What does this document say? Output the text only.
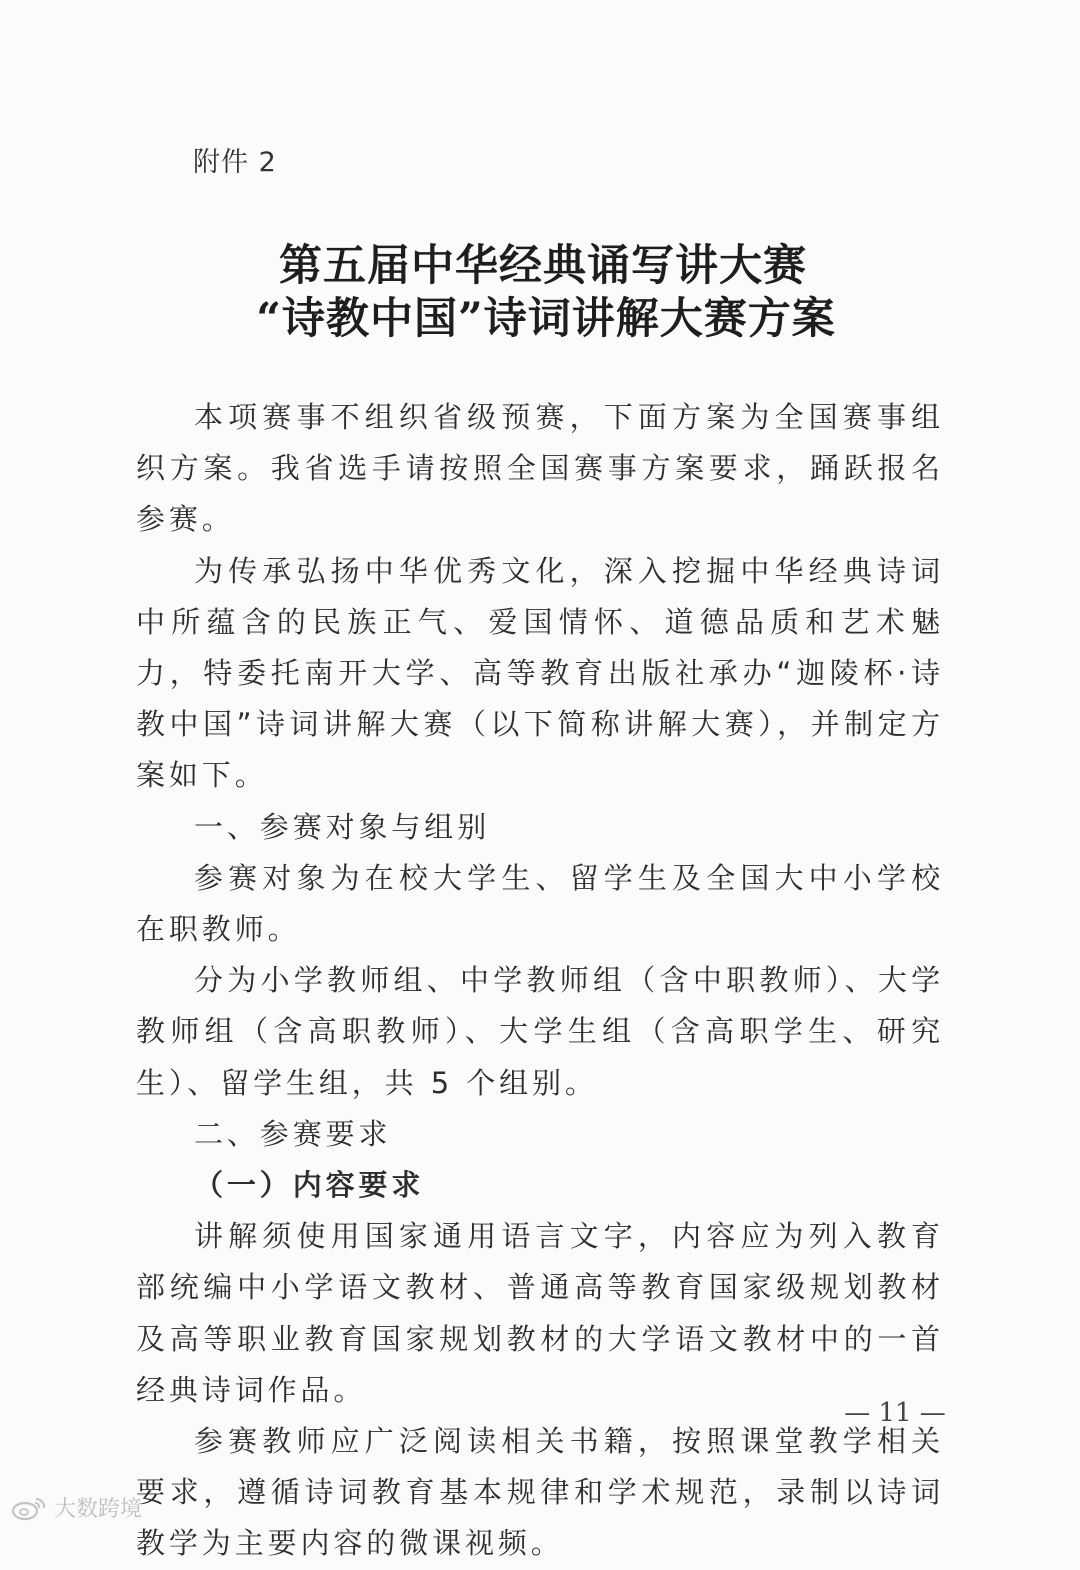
附件 2
第五届中华经典诵写讲大赛
“诗教中国”诗词讲解大赛方案

本项赛事不组织省级预赛，下面方案为全国赛事组织方案。我省选手请按照全国赛事方案要求，踊跃报名参赛。

为传承弘扬中华优秀文化，深入挖掘中华经典诗词中所蕴含的民族正气、爱国情怀、道德品质和艺术魅力，特委托南开大学、高等教育出版社承办“迦陵杯·诗教中国”诗词讲解大赛（以下简称讲解大赛），并制定方案如下。

一、参赛对象与组别

参赛对象为在校大学生、留学生及全国大中小学校在职教师。

分为小学教师组、中学教师组（含中职教师）、大学教师组（含高职教师）、大学生组（含高职学生、研究生）、留学生组，共 5 个组别。

二、参赛要求

（一）内容要求

讲解须使用国家通用语言文字，内容应为列入教育部统编中小学语文教材、普通高等教育国家级规划教材及高等职业教育国家规划教材的大学语文教材中的一首经典诗词作品。

参赛教师应广泛阅读相关书籍，按照课堂教学相关要求，遵循诗词教育基本规律和学术规范，录制以诗词教学为主要内容的微课视频。

— 11 —
大数跨境
